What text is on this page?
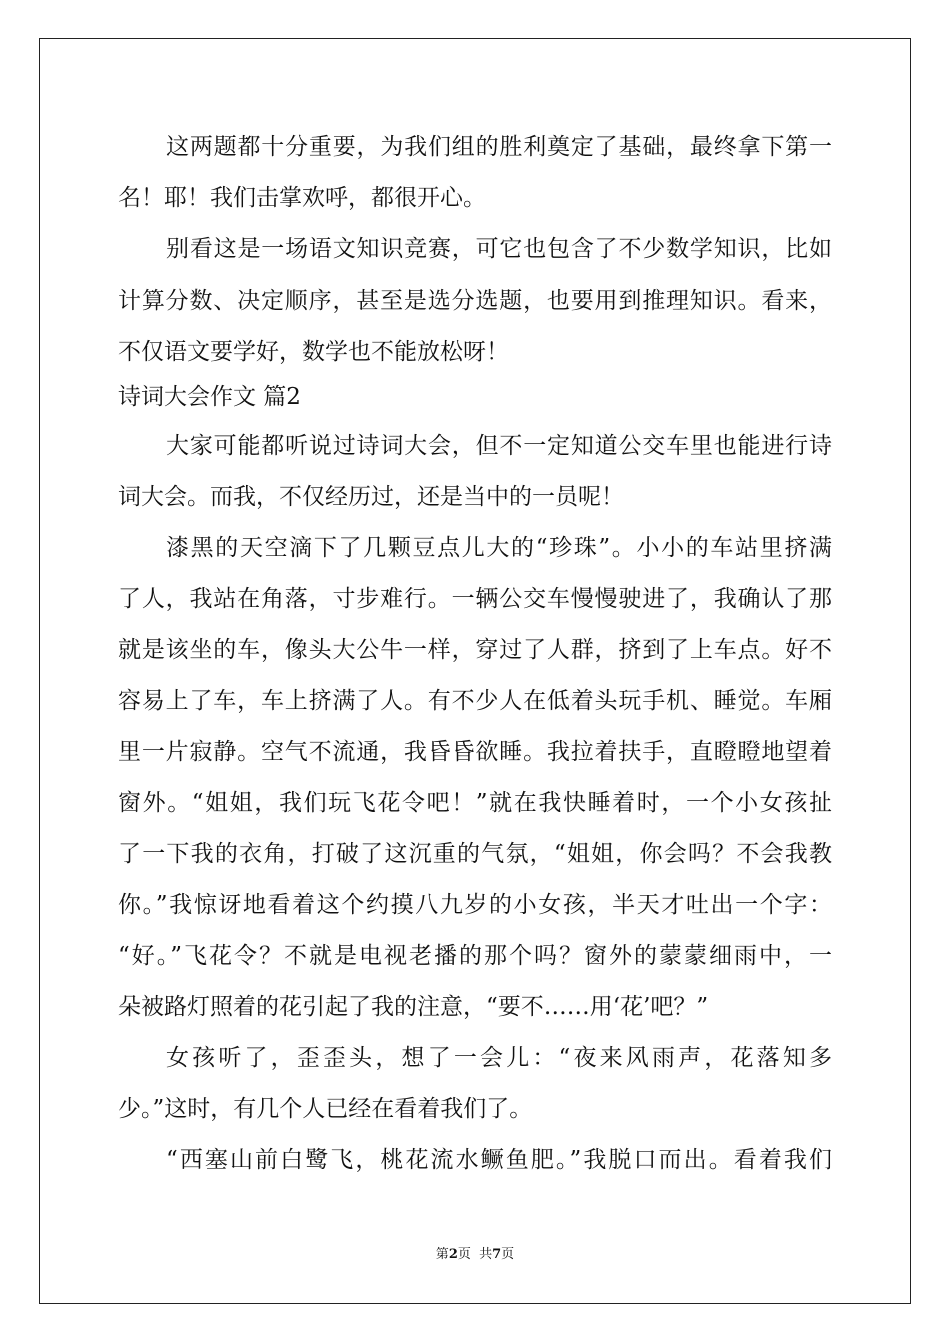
这两题都十分重要，为我们组的胜利奠定了基础，最终拿下第一
名！耶！我们击掌欢呼，都很开心。
别看这是一场语文知识竞赛，可它也包含了不少数学知识，比如
计算分数、决定顺序，甚至是选分选题，也要用到推理知识。看来，
不仅语文要学好，数学也不能放松呀！
诗词大会作文 篇2
大家可能都听说过诗词大会，但不一定知道公交车里也能进行诗
词大会。而我，不仅经历过，还是当中的一员呢！
漆黑的天空滴下了几颗豆点儿大的“珍珠”。小小的车站里挤满
了人，我站在角落，寸步难行。一辆公交车慢慢驶进了，我确认了那
就是该坐的车，像头大公牛一样，穿过了人群，挤到了上车点。好不
容易上了车，车上挤满了人。有不少人在低着头玩手机、睡觉。车厢
里一片寂静。空气不流通，我昏昏欲睡。我拉着扶手，直瞪瞪地望着
窗外。“姐姐，我们玩飞花令吧！”就在我快睡着时，一个小女孩扯
了一下我的衣角，打破了这沉重的气氛，“姐姐，你会吗？不会我教
你。”我惊讶地看着这个约摸八九岁的小女孩，半天才吐出一个字：
“好。”飞花令？不就是电视老播的那个吗？窗外的蒙蒙细雨中，一
朵被路灯照着的花引起了我的注意，“要不……用‘花’吧？”
女孩听了，歪歪头，想了一会儿：“夜来风雨声，花落知多
少。”这时，有几个人已经在看着我们了。
“西塞山前白鹭飞，桃花流水鳜鱼肥。”我脱口而出。看着我们
第2页  共7页
